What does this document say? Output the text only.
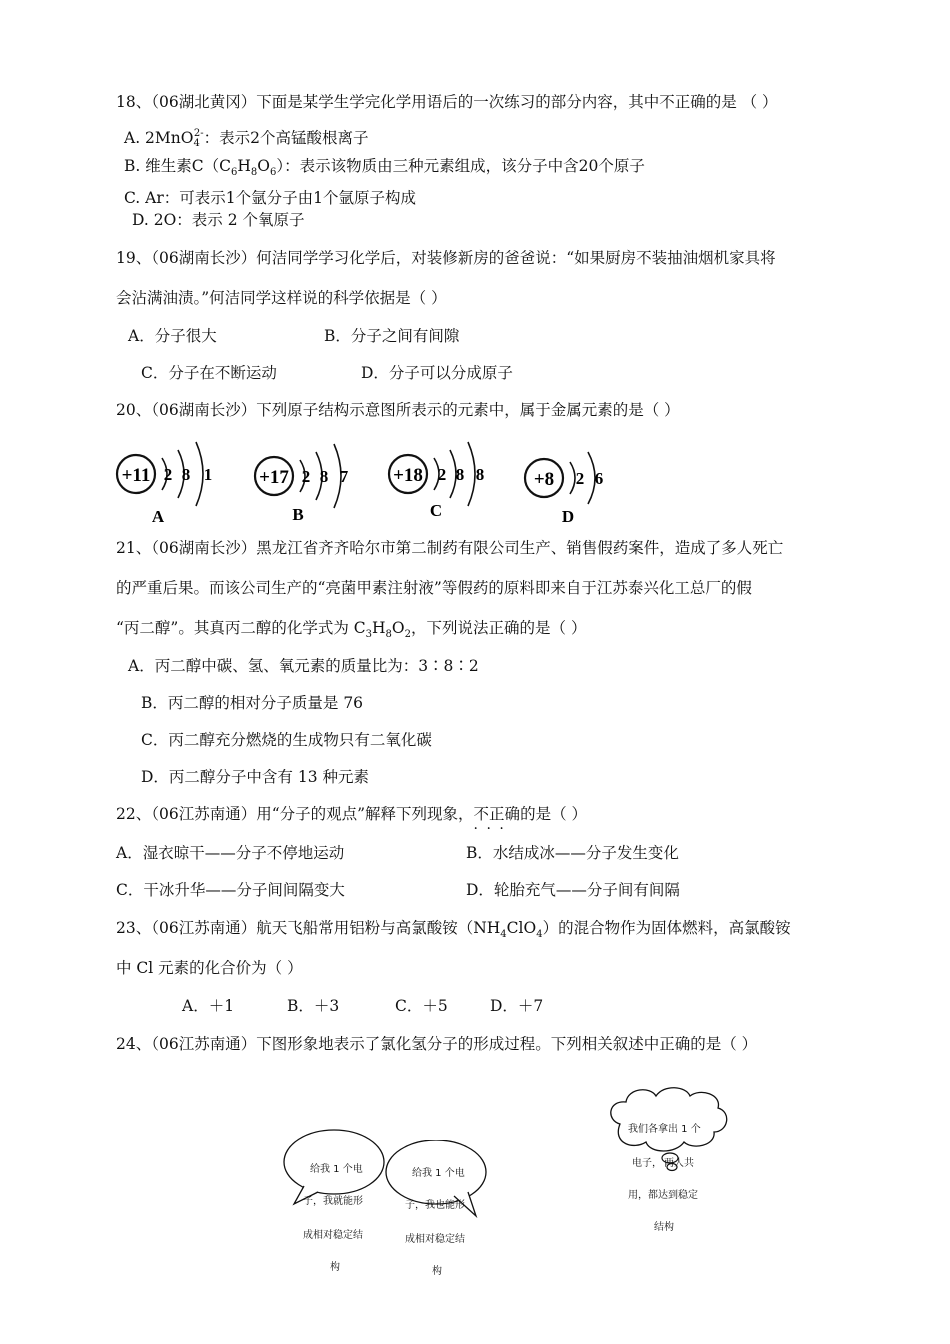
18、（06湖北黄冈）下面是某学生学完化学用语后的一次练习的部分内容，其中不正确的是 （ ）
A. 2MnO$_4^{2-}$：表示2个高锰酸根离子
B. 维生素$C(C_6H_8O_6)$：表示该物质由三种元素组成，该分子中含20个原子
C. Ar：可表示1个氩分子由1个氩原子构成
D. 2O：表示 2 个氧原子
19、（06湖南长沙）何洁同学学习化学后，对装修新房的爸爸说：“如果厨房不装抽油烟机家具将
会沾满油渍。”何洁同学这样说的科学依据是（ ）
A．分子很大	B．分子之间有间隙
C．分子在不断运动	D．分子可以分成原子
20、（06湖南长沙）下列原子结构示意图所表示的元素中，属于金属元素的是（ ）
+11 2 8 1
A
+17 2 8 7
B
+18 2 8 8
C
+8 2 6
D
21、（06湖南长沙）黑龙江省齐齐哈尔市第二制药有限公司生产、销售假药案件，造成了多人死亡
的严重后果。而该公司生产的“亮菌甲素注射液”等假药的原料即来自于江苏泰兴化工总厂的假
“丙二醇”。其真丙二醇的化学式为 $C_3H_8O_2$，下列说法正确的是（ ）
A．丙二醇中碳、氢、氧元素的质量比为：3∶8∶2
B．丙二醇的相对分子质量是 76
C．丙二醇充分燃烧的生成物只有二氧化碳
D．丙二醇分子中含有 13 种元素
22、（06江苏南通）用“分子的观点”解释下列现象，不正确 · · ·的是（ ）
A．湿衣晾干——分子不停地运动	B．水结成冰——分子发生变化
C．干冰升华——分子间间隔变大	D．轮胎充气——分子间有间隔
23、（06江苏南通）航天飞船常用铝粉与高氯酸铵$(NH_4ClO_4)$的混合物作为固体燃料，高氯酸铵
中 Cl 元素的化合价为（ ）
A．＋1	B．＋3	C．＋5	D．＋7
24、（06江苏南通）下图形象地表示了氯化氢分子的形成过程。下列相关叙述中正确的是（ ）
给我 1 个电
子，我就能形
成相对稳定结
构
给我 1 个电
子，我也能形
成相对稳定结
构
我们各拿出 1 个
电子， 两人共
用，都达到稳定
结构
